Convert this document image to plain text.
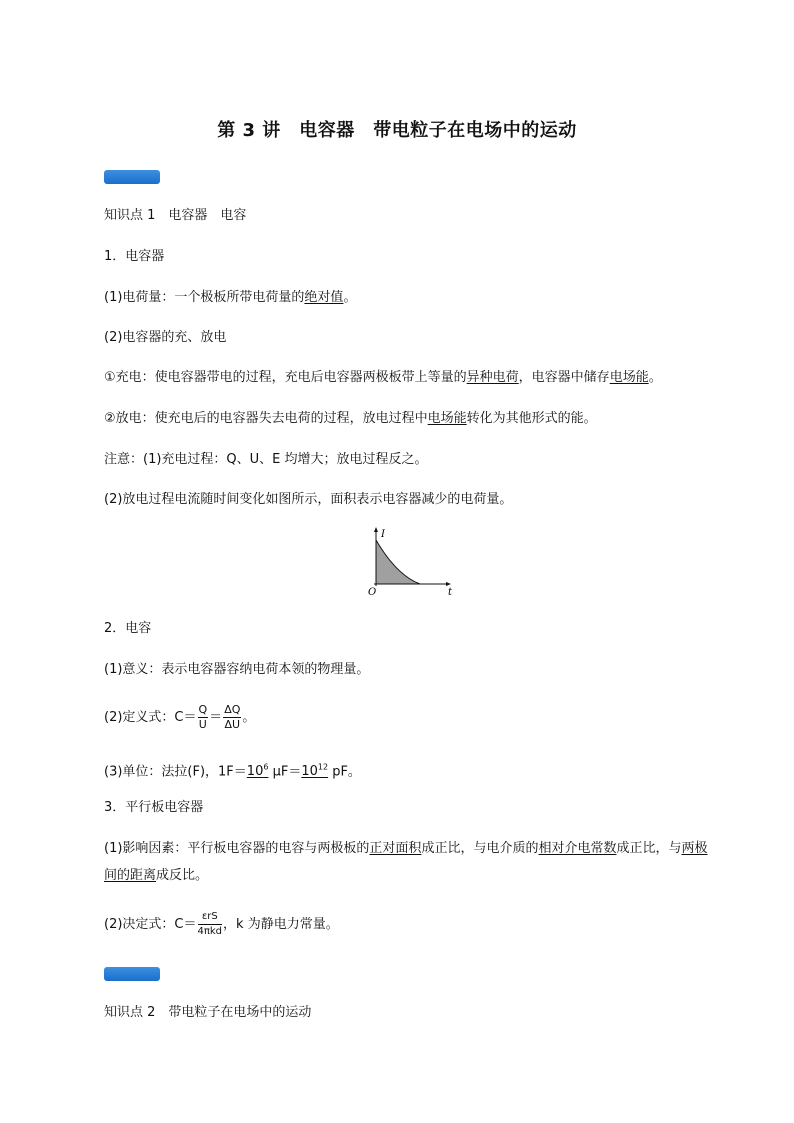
第 3 讲　电容器　带电粒子在电场中的运动
知识点 1　电容器　电容
1．电容器
(1)电荷量：一个极板所带电荷量的绝对值。
(2)电容器的充、放电
①充电：使电容器带电的过程，充电后电容器两极板带上等量的异种电荷，电容器中储存电场能。
②放电：使充电后的电容器失去电荷的过程，放电过程中电场能转化为其他形式的能。
注意：(1)充电过程：Q、U、E 均增大；放电过程反之。
(2)放电过程电流随时间变化如图所示，面积表示电容器减少的电荷量。
I
t
O
2．电容
(1)意义：表示电容器容纳电荷本领的物理量。
(2)定义式：$C= \frac{Q}{U} = \frac{\Delta Q}{\Delta U}$ 。
(3)单位：法拉(F)，$1F=10^6$ $\mu F=10^{12}$ pF。
3．平行板电容器
(1)影响因素：平行板电容器的电容与两极板的正对面积成正比，与电介质的相对介电常数成正比，与两极间的距离成反比。
(2)决定式：$C= \frac{\text{εrS}}{\text{4πkd}}$ ，k 为静电力常量。
知识点 2　带电粒子在电场中的运动
